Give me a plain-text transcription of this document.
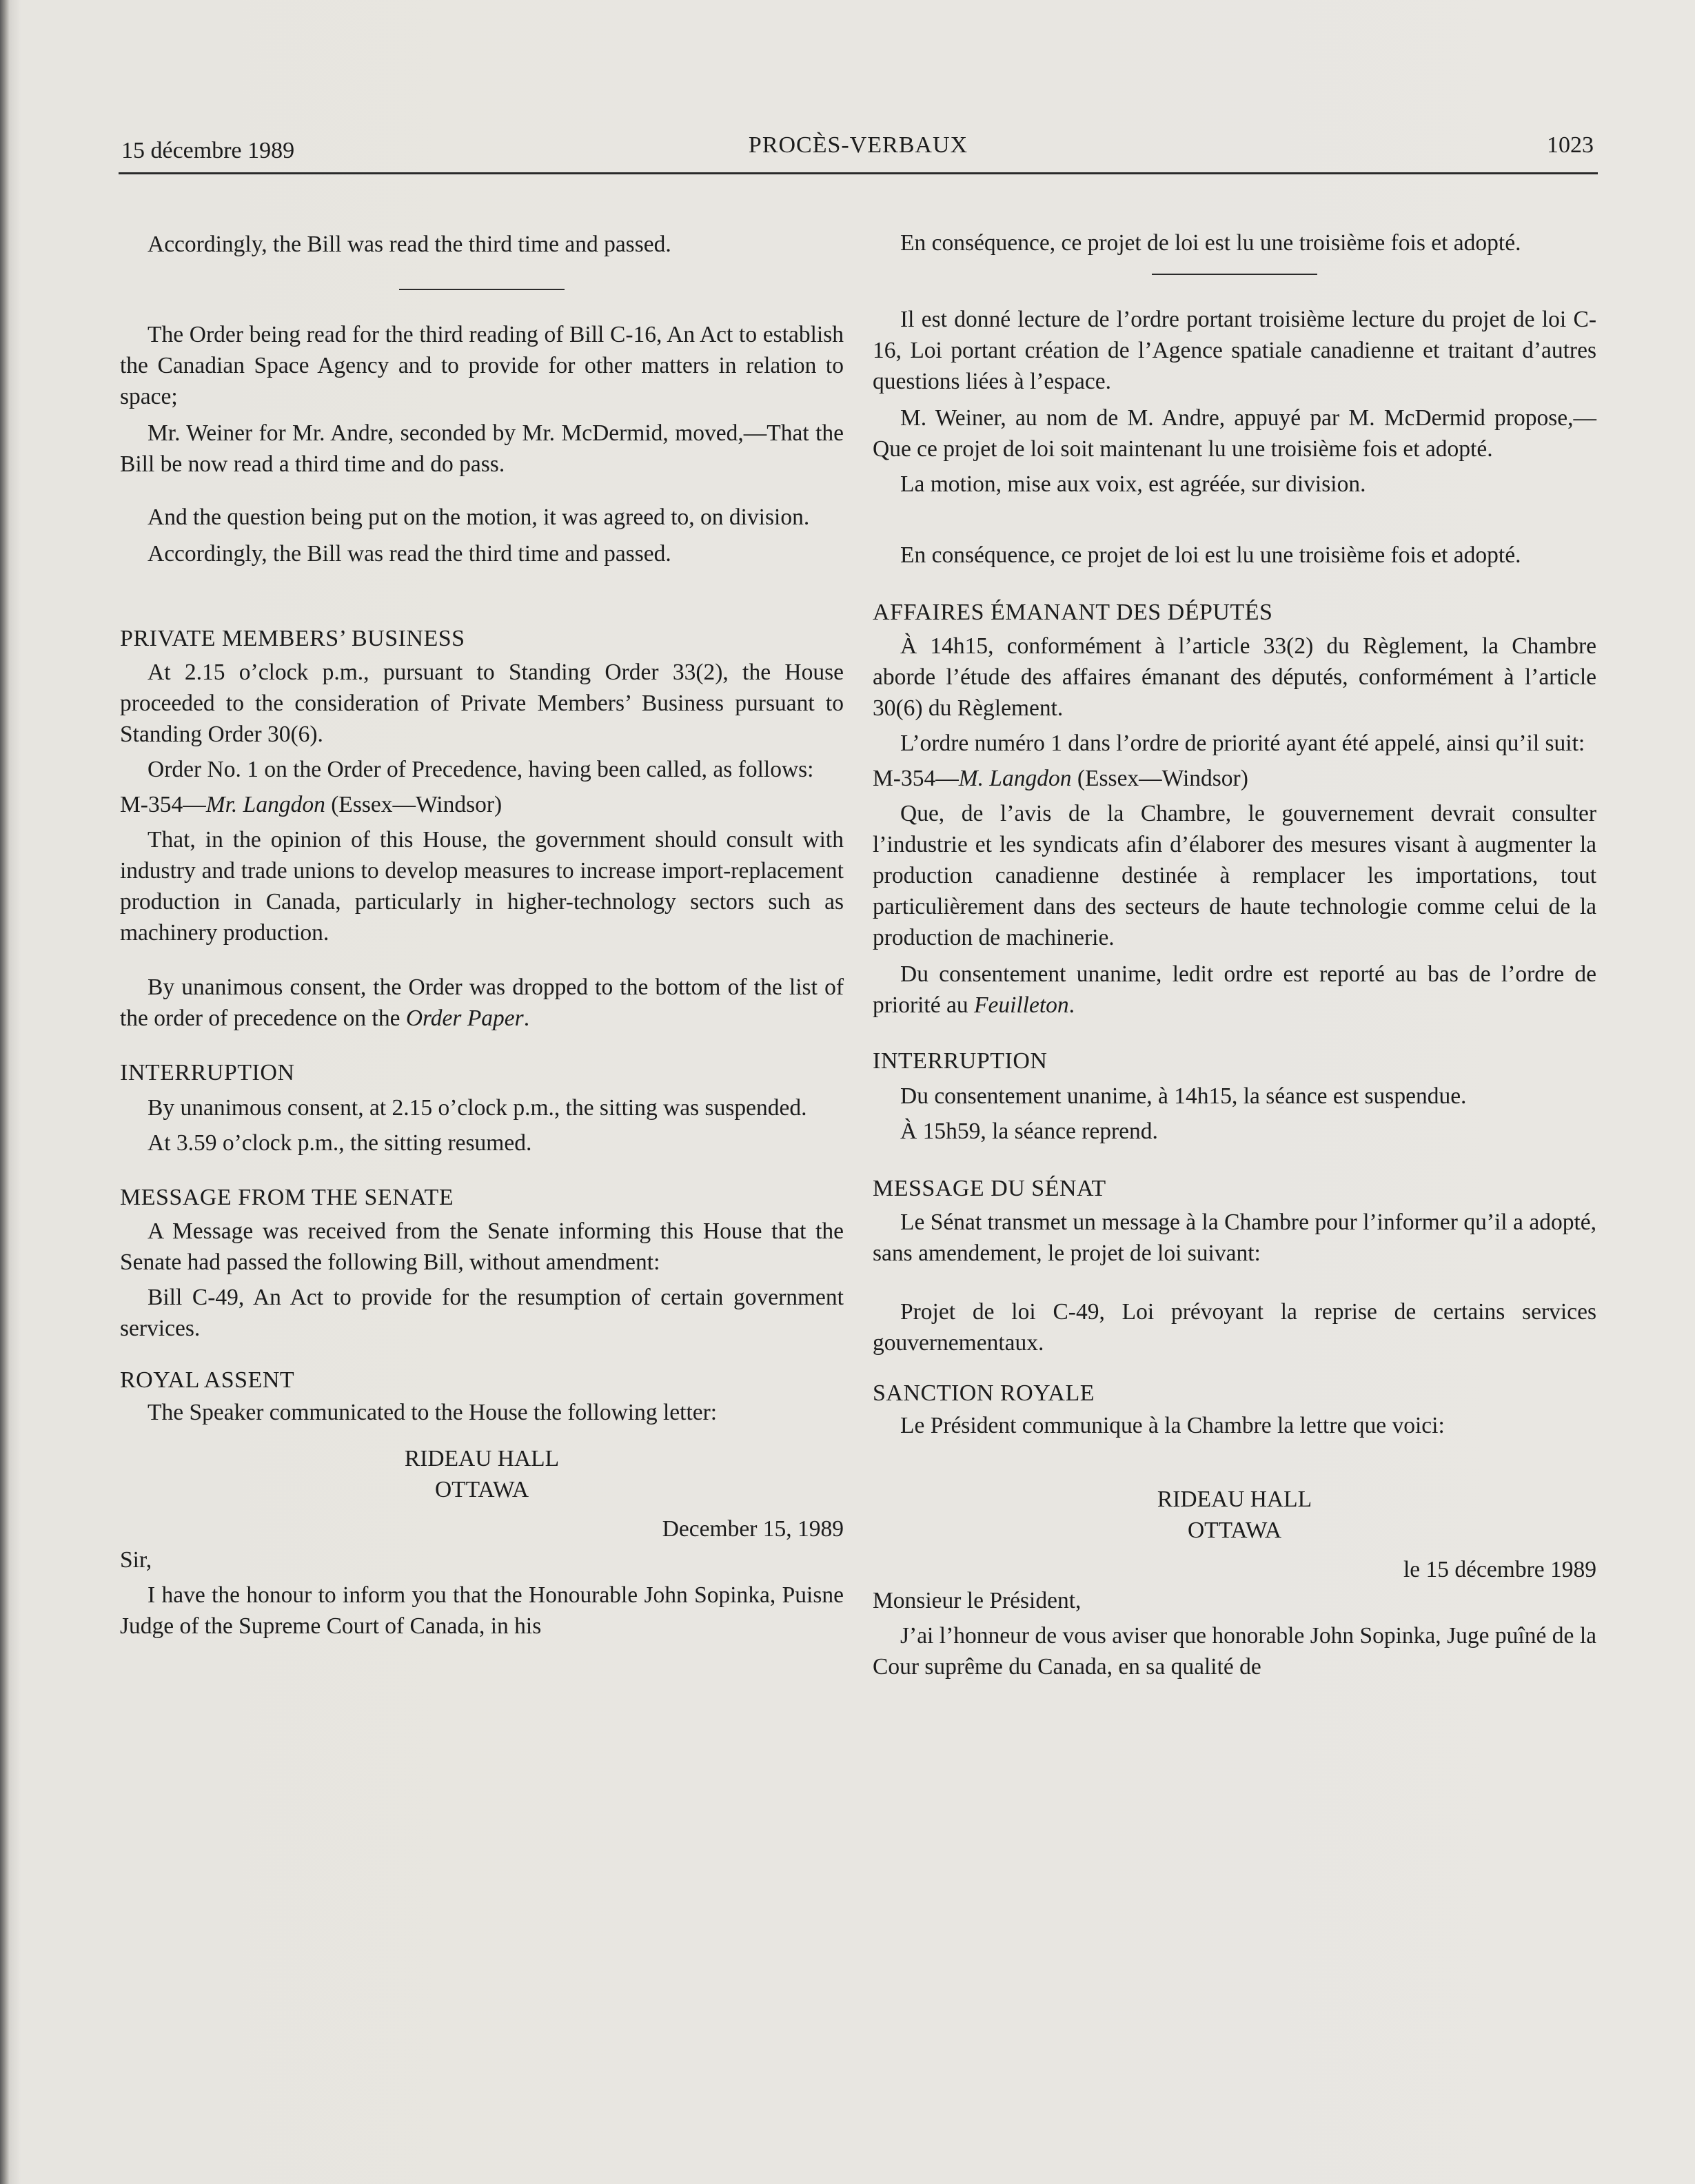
15 décembre 1989	PROCÈS-VERBAUX	1023

Accordingly, the Bill was read the third time and passed.

The Order being read for the third reading of Bill C-16, An Act to establish the Canadian Space Agency and to provide for other matters in relation to space;

Mr. Weiner for Mr. Andre, seconded by Mr. McDermid, moved,—That the Bill be now read a third time and do pass.

And the question being put on the motion, it was agreed to, on division.

Accordingly, the Bill was read the third time and passed.

PRIVATE MEMBERS’ BUSINESS

At 2.15 o’clock p.m., pursuant to Standing Order 33(2), the House proceeded to the consideration of Private Members’ Business pursuant to Standing Order 30(6).

Order No. 1 on the Order of Precedence, having been called, as follows:

M-354—Mr. Langdon (Essex—Windsor)

That, in the opinion of this House, the government should consult with industry and trade unions to develop measures to increase import-replacement production in Canada, particularly in higher-technology sectors such as machinery production.

By unanimous consent, the Order was dropped to the bottom of the list of the order of precedence on the Order Paper.

INTERRUPTION

By unanimous consent, at 2.15 o’clock p.m., the sitting was suspended.

At 3.59 o’clock p.m., the sitting resumed.

MESSAGE FROM THE SENATE

A Message was received from the Senate informing this House that the Senate had passed the following Bill, without amendment:

Bill C-49, An Act to provide for the resumption of certain government services.

ROYAL ASSENT

The Speaker communicated to the House the following letter:

RIDEAU HALL
OTTAWA
December 15, 1989
Sir,

I have the honour to inform you that the Honourable John Sopinka, Puisne Judge of the Supreme Court of Canada, in his

En conséquence, ce projet de loi est lu une troisième fois et adopté.

Il est donné lecture de l’ordre portant troisième lecture du projet de loi C-16, Loi portant création de l’Agence spatiale canadienne et traitant d’autres questions liées à l’espace.

M. Weiner, au nom de M. Andre, appuyé par M. McDermid propose,—Que ce projet de loi soit maintenant lu une troisième fois et adopté.

La motion, mise aux voix, est agréée, sur division.

En conséquence, ce projet de loi est lu une troisième fois et adopté.

AFFAIRES ÉMANANT DES DÉPUTÉS

À 14h15, conformément à l’article 33(2) du Règlement, la Chambre aborde l’étude des affaires émanant des députés, conformément à l’article 30(6) du Règlement.

L’ordre numéro 1 dans l’ordre de priorité ayant été appelé, ainsi qu’il suit:

M-354—M. Langdon (Essex—Windsor)

Que, de l’avis de la Chambre, le gouvernement devrait consulter l’industrie et les syndicats afin d’élaborer des mesures visant à augmenter la production canadienne destinée à remplacer les importations, tout particulièrement dans des secteurs de haute technologie comme celui de la production de machinerie.

Du consentement unanime, ledit ordre est reporté au bas de l’ordre de priorité au Feuilleton.

INTERRUPTION

Du consentement unanime, à 14h15, la séance est suspendue.

À 15h59, la séance reprend.

MESSAGE DU SÉNAT

Le Sénat transmet un message à la Chambre pour l’informer qu’il a adopté, sans amendement, le projet de loi suivant:

Projet de loi C-49, Loi prévoyant la reprise de certains services gouvernementaux.

SANCTION ROYALE

Le Président communique à la Chambre la lettre que voici:

RIDEAU HALL
OTTAWA
le 15 décembre 1989
Monsieur le Président,

J’ai l’honneur de vous aviser que honorable John Sopinka, Juge puîné de la Cour suprême du Canada, en sa qualité de
